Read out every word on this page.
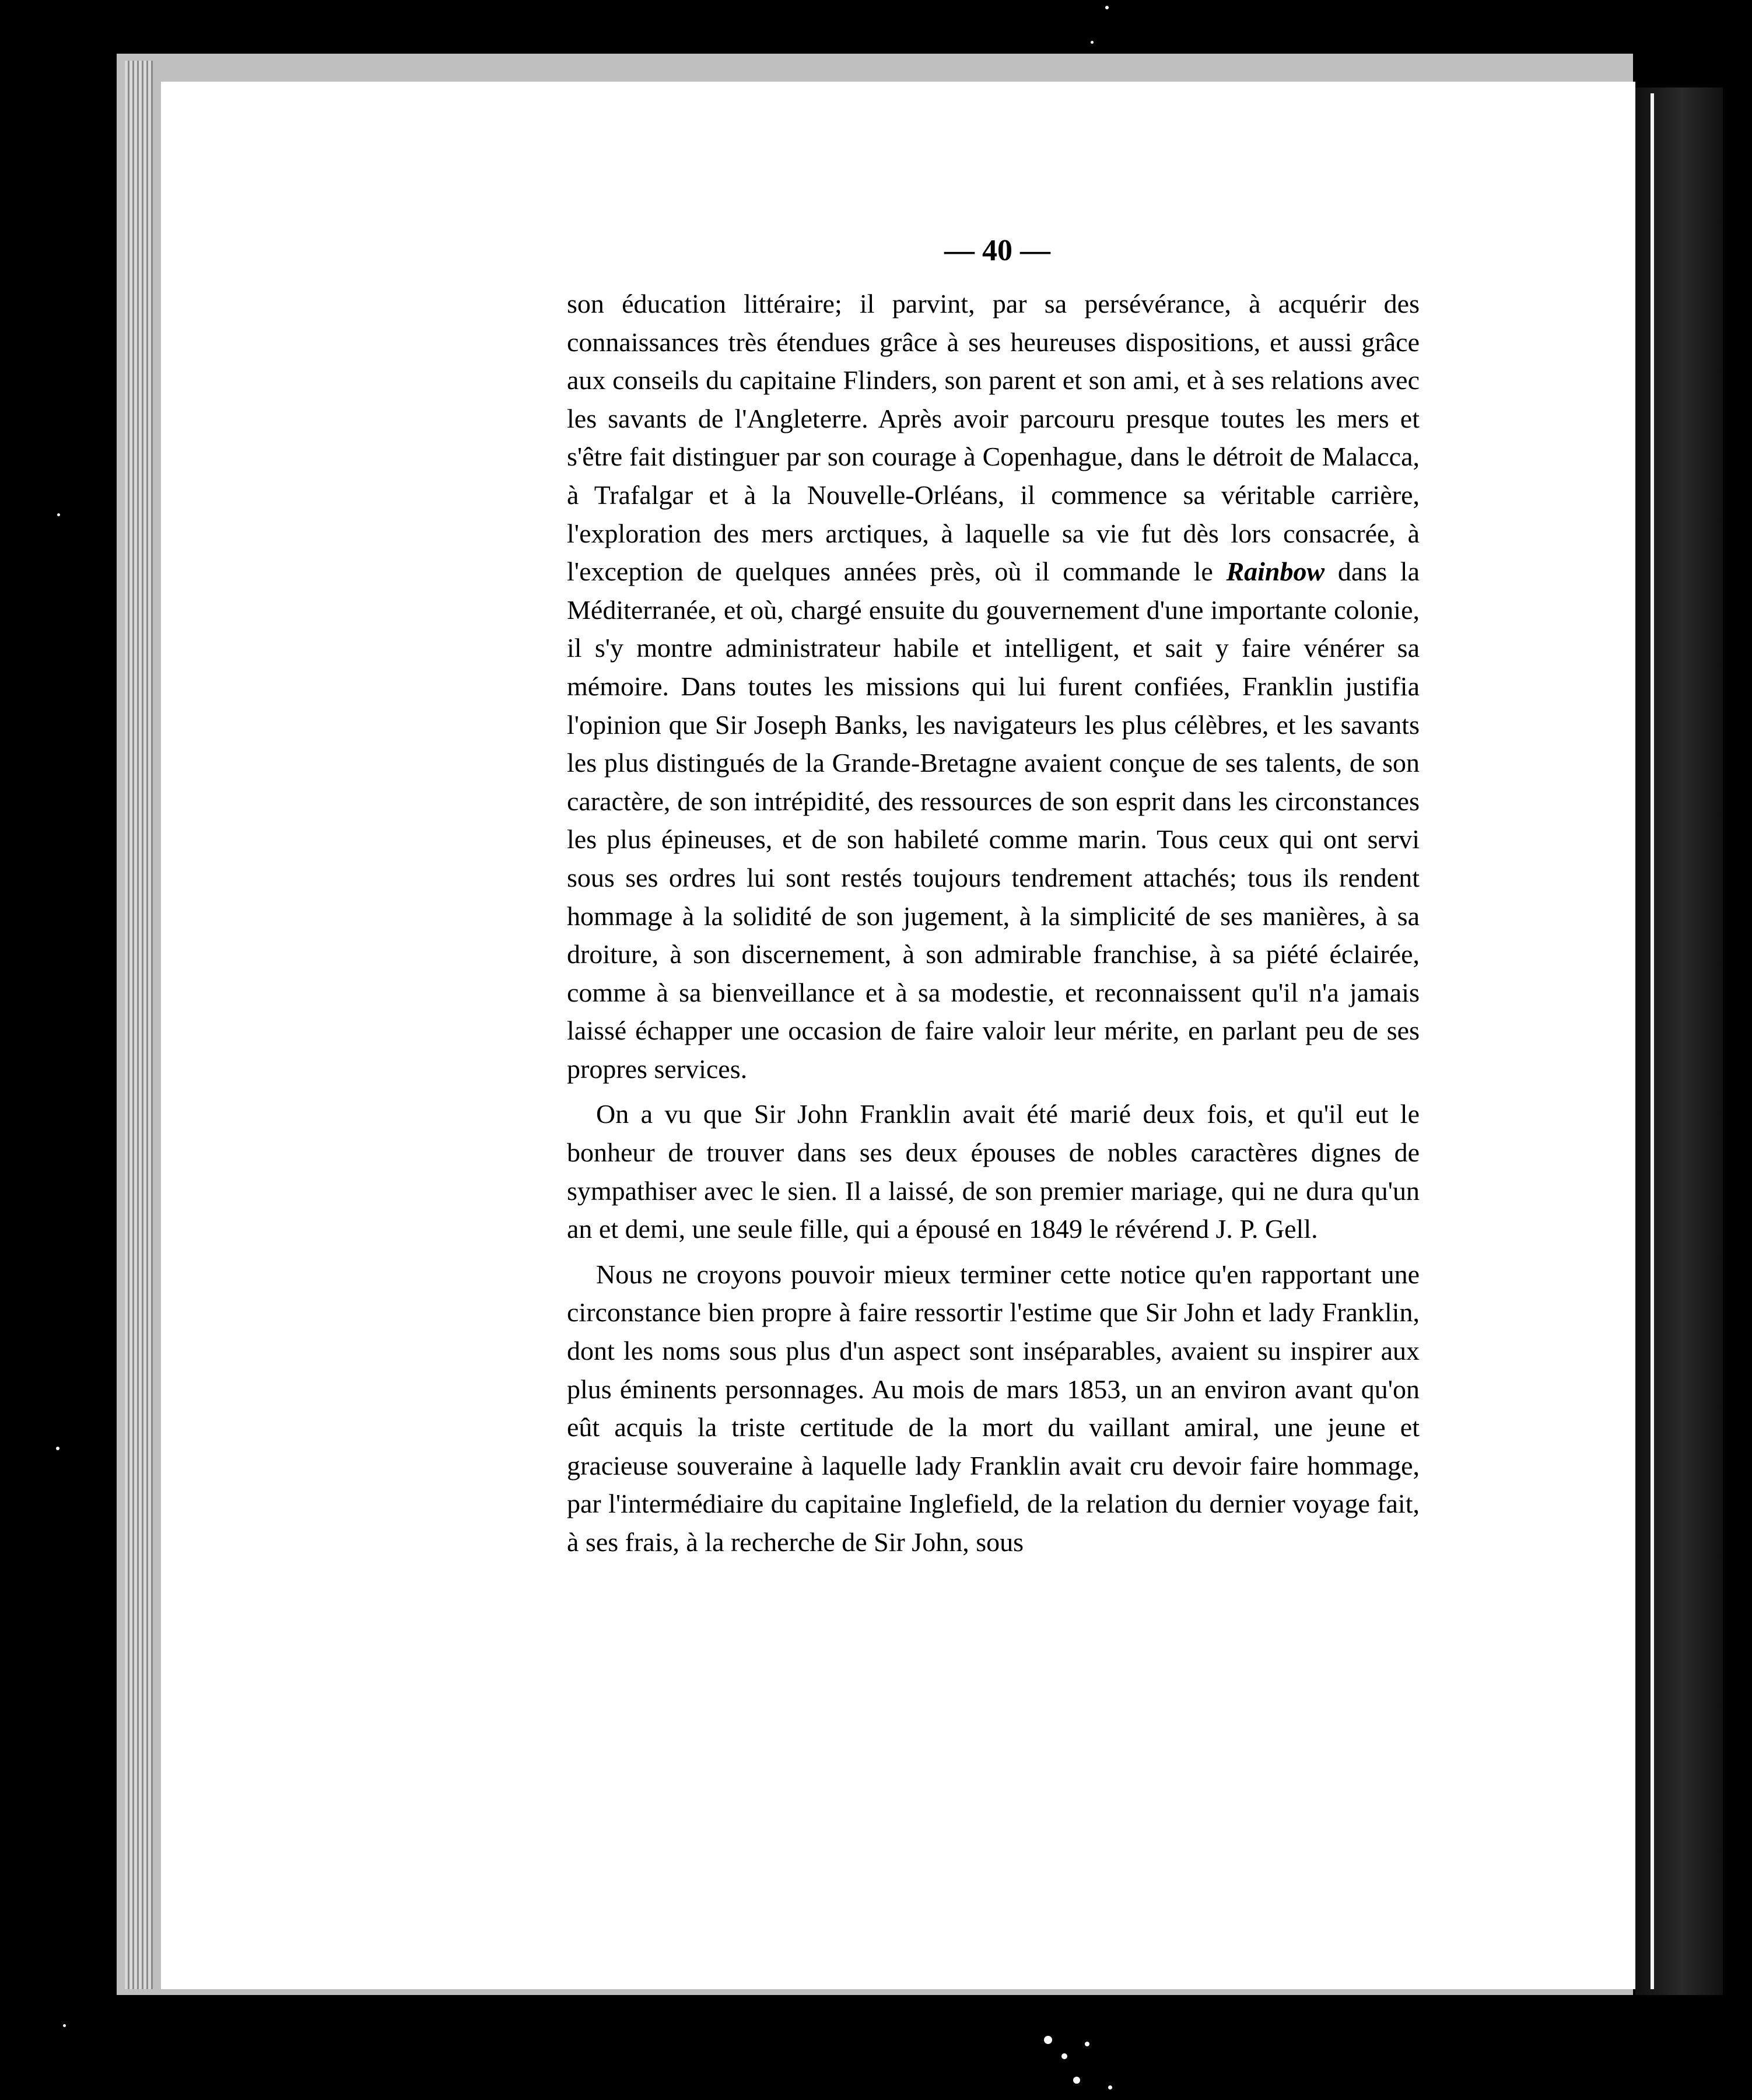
— 40 —

son éducation littéraire; il parvint, par sa persévérance, à acquérir des connaissances très étendues grâce à ses heureuses dispositions, et aussi grâce aux conseils du capitaine Flinders, son parent et son ami, et à ses relations avec les savants de l'Angleterre. Après avoir parcouru presque toutes les mers et s'être fait distinguer par son courage à Copenhague, dans le détroit de Malacca, à Trafalgar et à la Nouvelle-Orléans, il commence sa véritable carrière, l'exploration des mers arctiques, à laquelle sa vie fut dès lors consacrée, à l'exception de quelques années près, où il commande le Rainbow dans la Méditerranée, et où, chargé ensuite du gouvernement d'une importante colonie, il s'y montre administrateur habile et intelligent, et sait y faire vénérer sa mémoire. Dans toutes les missions qui lui furent confiées, Franklin justifia l'opinion que Sir Joseph Banks, les navigateurs les plus célèbres, et les savants les plus distingués de la Grande-Bretagne avaient conçue de ses talents, de son caractère, de son intrépidité, des ressources de son esprit dans les circonstances les plus épineuses, et de son habileté comme marin. Tous ceux qui ont servi sous ses ordres lui sont restés toujours tendrement attachés; tous ils rendent hommage à la solidité de son jugement, à la simplicité de ses manières, à sa droiture, à son discernement, à son admirable franchise, à sa piété éclairée, comme à sa bienveillance et à sa modestie, et reconnaissent qu'il n'a jamais laissé échapper une occasion de faire valoir leur mérite, en parlant peu de ses propres services.

On a vu que Sir John Franklin avait été marié deux fois, et qu'il eut le bonheur de trouver dans ses deux épouses de nobles caractères dignes de sympathiser avec le sien. Il a laissé, de son premier mariage, qui ne dura qu'un an et demi, une seule fille, qui a épousé en 1849 le révérend J. P. Gell.

Nous ne croyons pouvoir mieux terminer cette notice qu'en rapportant une circonstance bien propre à faire ressortir l'estime que Sir John et lady Franklin, dont les noms sous plus d'un aspect sont inséparables, avaient su inspirer aux plus éminents personnages. Au mois de mars 1853, un an environ avant qu'on eût acquis la triste certitude de la mort du vaillant amiral, une jeune et gracieuse souveraine à laquelle lady Franklin avait cru devoir faire hommage, par l'intermédiaire du capitaine Inglefield, de la relation du dernier voyage fait, à ses frais, à la recherche de Sir John, sous
